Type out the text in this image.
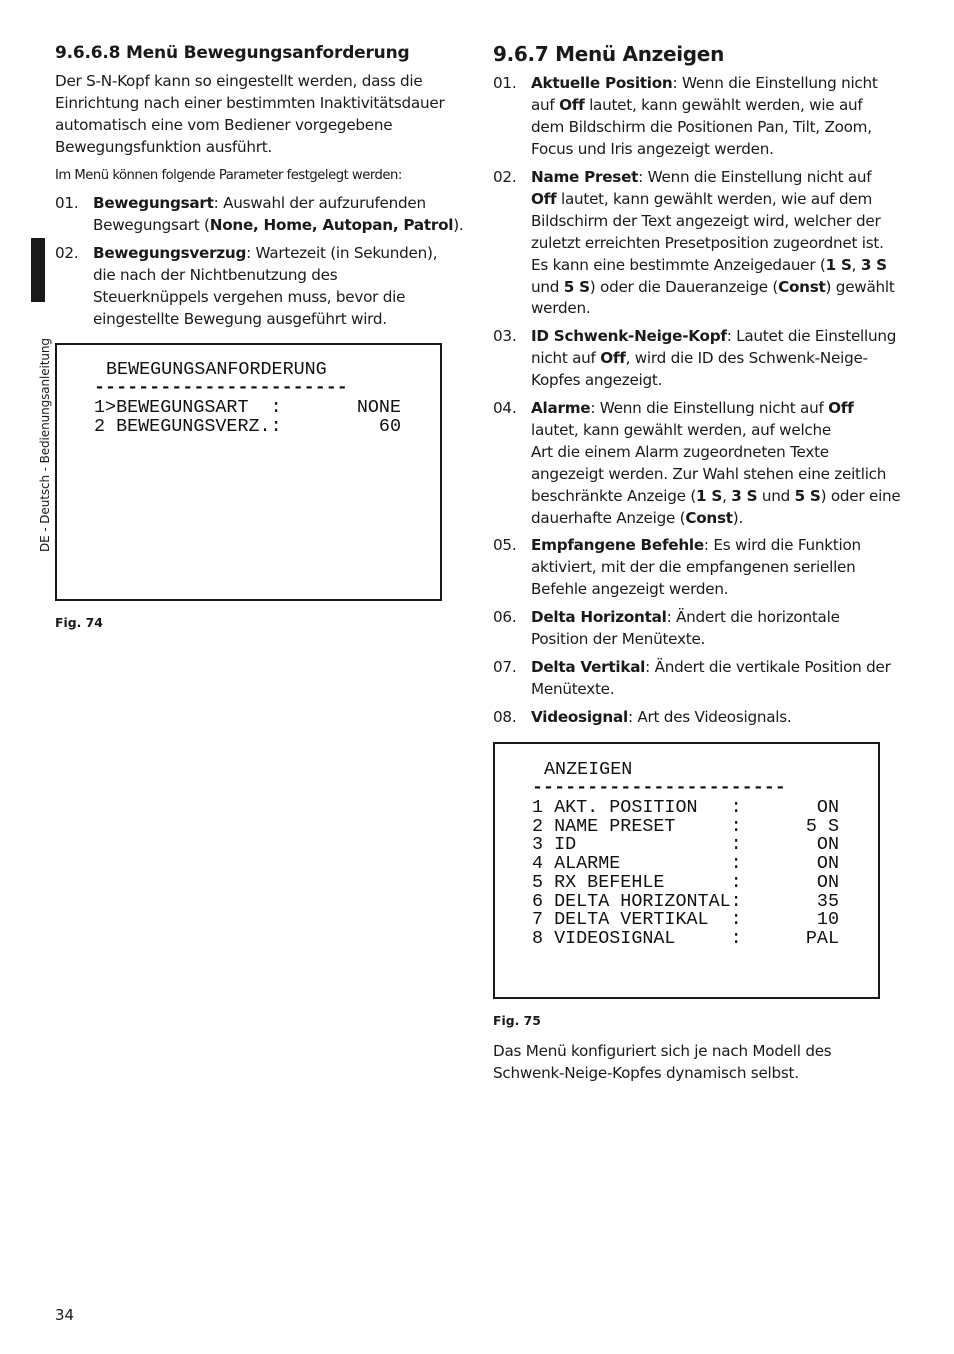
DE - Deutsch - Bedienungsanleitung
9.6.6.8 Menü Bewegungsanforderung
Der S-N-Kopf kann so eingestellt werden, dass die
Einrichtung nach einer bestimmten Inaktivitätsdauer
automatisch eine vom Bediener vorgegebene
Bewegungsfunktion ausführt.
Im Menü können folgende Parameter festgelegt werden:
01. Bewegungsart: Auswahl der aufzurufenden
Bewegungsart (None, Home, Autopan, Patrol).
02. Bewegungsverzug: Wartezeit (in Sekunden),
die nach der Nichtbenutzung des
Steuerknüppels vergehen muss, bevor die
eingestellte Bewegung ausgeführt wird.
BEWEGUNGSANFORDERUNG
-----------------------
1>BEWEGUNGSART  :	NONE
2 BEWEGUNGSVERZ.:	60
Fig. 74
9.6.7 Menü Anzeigen
01. Aktuelle Position: Wenn die Einstellung nicht
auf Off lautet, kann gewählt werden, wie auf
dem Bildschirm die Positionen Pan, Tilt, Zoom,
Focus und Iris angezeigt werden.
02. Name Preset: Wenn die Einstellung nicht auf
Off lautet, kann gewählt werden, wie auf dem
Bildschirm der Text angezeigt wird, welcher der
zuletzt erreichten Presetposition zugeordnet ist.
Es kann eine bestimmte Anzeigedauer (1 S, 3 S
und 5 S) oder die Daueranzeige (Const) gewählt
werden.
03. ID Schwenk-Neige-Kopf: Lautet die Einstellung
nicht auf Off, wird die ID des Schwenk-Neige-
Kopfes angezeigt.
04. Alarme: Wenn die Einstellung nicht auf Off
lautet, kann gewählt werden, auf welche
Art die einem Alarm zugeordneten Texte
angezeigt werden. Zur Wahl stehen eine zeitlich
beschränkte Anzeige (1 S, 3 S und 5 S) oder eine
dauerhafte Anzeige (Const).
05. Empfangene Befehle: Es wird die Funktion
aktiviert, mit der die empfangenen seriellen
Befehle angezeigt werden.
06. Delta Horizontal: Ändert die horizontale
Position der Menütexte.
07. Delta Vertikal: Ändert die vertikale Position der
Menütexte.
08. Videosignal: Art des Videosignals.
ANZEIGEN
-----------------------
1 AKT. POSITION   :	ON
2 NAME PRESET     :	5 S
3 ID              :	ON
4 ALARME          :	ON
5 RX BEFEHLE      :	ON
6 DELTA HORIZONTAL:	35
7 DELTA VERTIKAL  :	10
8 VIDEOSIGNAL     :	PAL
Fig. 75
Das Menü konfiguriert sich je nach Modell des
Schwenk-Neige-Kopfes dynamisch selbst.
34
